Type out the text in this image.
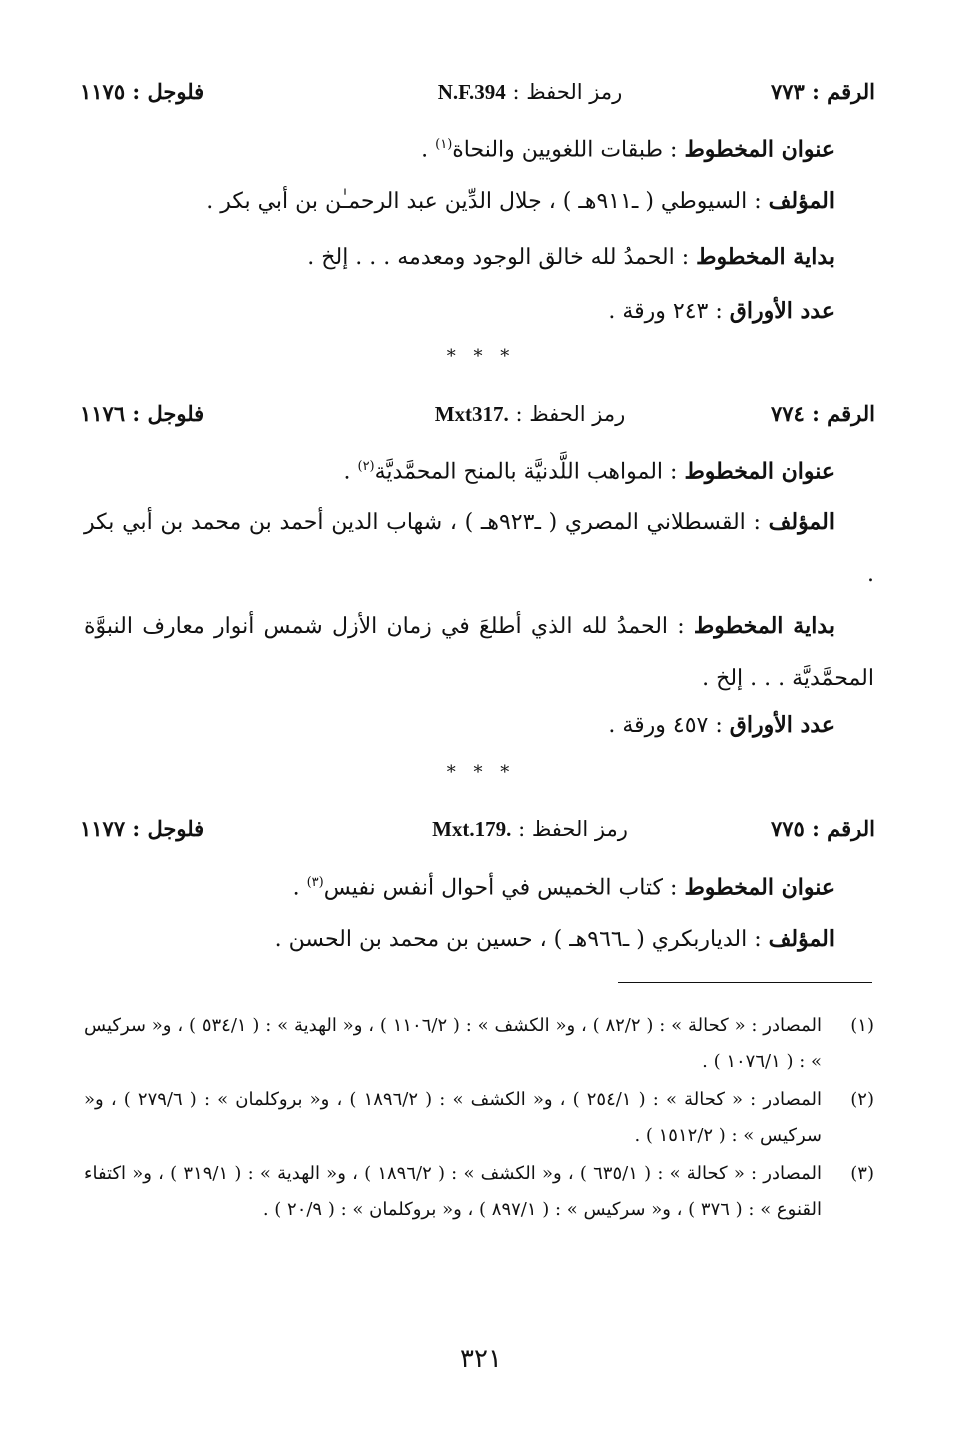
الرقم : ٧٧٣
رمز الحفظ : N.F.394
فلوجل : ١١٧٥
عنوان المخطوط : طبقات اللغويين والنحاة$^{(١)}$ .
المؤلف : السيوطي ( ـ٩١١هـ ) ، جلال الدِّين عبد الرحمـٰن بن أبي بكر .
بداية المخطوط : الحمدُ لله خالق الوجود ومعدمه . . . إلخ .
عدد الأوراق : ٢٤٣ ورقة .
* * *
الرقم : ٧٧٤
رمز الحفظ : Mxt317.
فلوجل : ١١٧٦
عنوان المخطوط : المواهب اللَّدنيَّة بالمنح المحمَّديَّة$^{(٢)}$ .
المؤلف : القسطلاني المصري ( ـ٩٢٣هـ ) ، شهاب الدين أحمد بن محمد بن أبي بكر .
بداية المخطوط : الحمدُ لله الذي أطلعَ في زمان الأزل شمس أنوار معارف النبوَّة المحمَّديَّة . . . إلخ .
عدد الأوراق : ٤٥٧ ورقة .
* * *
الرقم : ٧٧٥
رمز الحفظ : Mxt.179.
فلوجل : ١١٧٧
عنوان المخطوط : كتاب الخميس في أحوال أنفس نفيس$^{(٣)}$ .
المؤلف : الدياربكري ( ـ٩٦٦هـ ) ، حسين بن محمد بن الحسن .
(١)
المصادر : « كحالة » : ( ٨٢/٢ ) ، و« الكشف » : ( ١١٠٦/٢ ) ، و« الهدية » : ( ٥٣٤/١ ) ، و« سركيس » : ( ١٠٧٦/١ ) .
(٢)
المصادر : « كحالة » : ( ٢٥٤/١ ) ، و« الكشف » : ( ١٨٩٦/٢ ) ، و« بروكلمان » : ( ٢٧٩/٦ ) ، و« سركيس » : ( ١٥١٢/٢ ) .
(٣)
المصادر : « كحالة » : ( ٦٣٥/١ ) ، و« الكشف » : ( ١٨٩٦/٢ ) ، و« الهدية » : ( ٣١٩/١ ) ، و« اكتفاء القنوع » : ( ٣٧٦ ) ، و« سركيس » : ( ٨٩٧/١ ) ، و« بروكلمان » : ( ٢٠/٩ ) .
٣٢١
